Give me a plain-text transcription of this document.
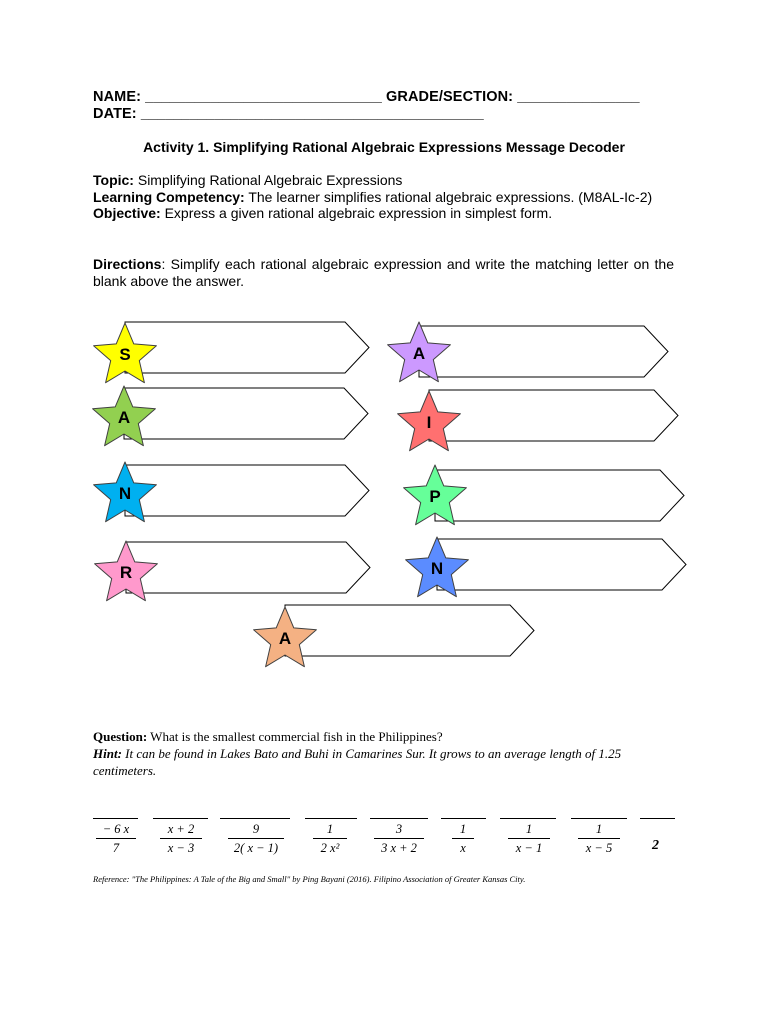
NAME: _____________________________ GRADE/SECTION: _______________
DATE: __________________________________________
Activity 1. Simplifying Rational Algebraic Expressions Message Decoder
Topic: Simplifying Rational Algebraic Expressions
Learning Competency: The learner simplifies rational algebraic expressions. (M8AL-Ic-2)
Objective: Express a given rational algebraic expression in simplest form.
Directions: Simplify each rational algebraic expression and write the matching letter on the blank above the answer.
S	A
A	I
N	P
R	N
A
Question: What is the smallest commercial fish in the Philippines?
Hint: It can be found in Lakes Bato and Buhi in Camarines Sur. It grows to an average length of 1.25 centimeters.
$\frac{- 6 x}{7} \frac{x + 2}{x - 3} \frac{9}{2( x - 1)} \frac{1}{\text{2 x²}} \frac{3}{3 x + 2} \frac{1}{x}$	$\frac{1}{x - 1} \frac{1}{x - 5} 2$
Reference: "The Philippines: A Tale of the Big and Small" by Ping Bayani (2016). Filipino Association of Greater Kansas City.
